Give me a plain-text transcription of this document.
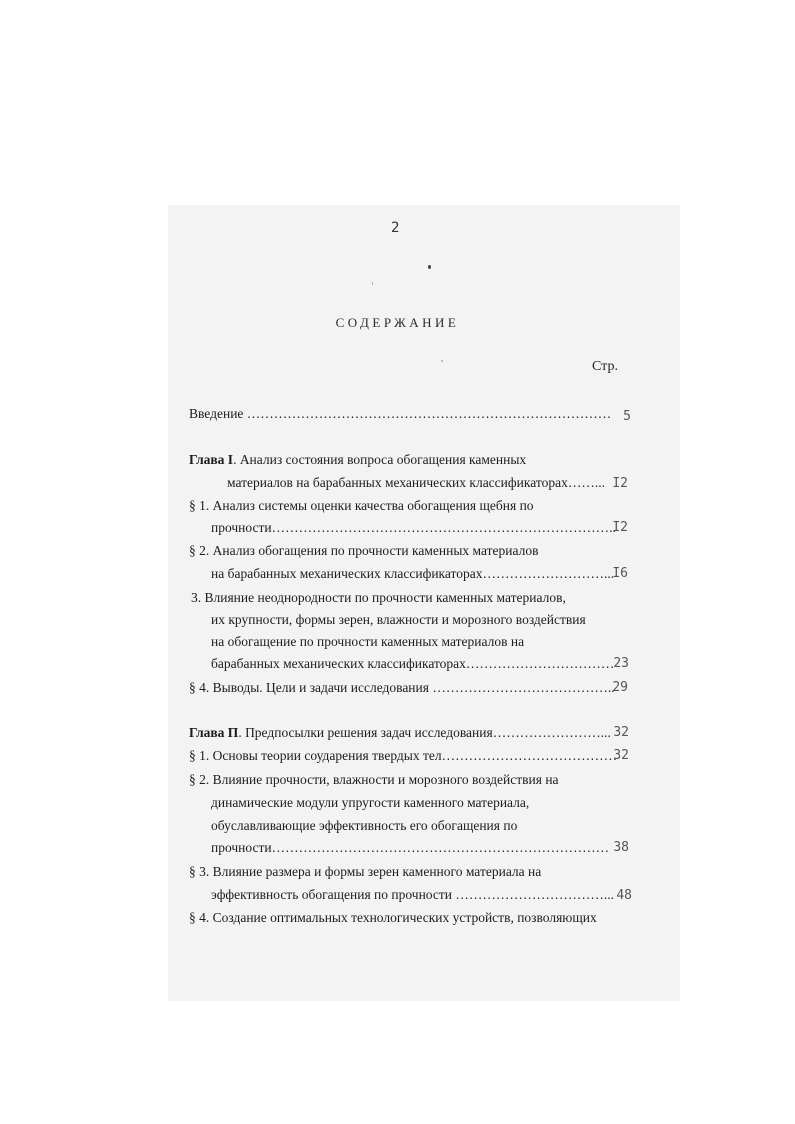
2
СОДЕРЖАНИЕ
Стр.
Введение ……………………………………………………………………… 5
Глава I. Анализ состояния вопроса обогащения каменных
материалов на барабанных механических классификаторах……... I2
§ 1. Анализ системы оценки качества обогащения щебня по
прочности…………………………………………………………………..
I2
§ 2. Анализ обогащения по прочности каменных материалов
на барабанных механических классификаторах………………………...
I6
3. Влияние неоднородности по прочности каменных материалов,
их крупности, формы зерен, влажности и морозного воздействия
на обогащение по прочности каменных материалов на
барабанных механических классификаторах……………………………
23
§ 4. Выводы. Цели и задачи исследования …………………………………..
29
Глава П. Предпосылки решения задач исследования……………………... 32
§ 1. Основы теории соударения твердых тел…………………………………
32
§ 2. Влияние прочности, влажности и морозного воздействия на
динамические модули упругости каменного материала,
обуславливающие эффективность его обогащения по
прочности………………………………………………………………… 38
§ 3. Влияние размера и формы зерен каменного материала на
эффективность обогащения по прочности ……………………………... 48
§ 4. Создание оптимальных технологических устройств, позволяющих
